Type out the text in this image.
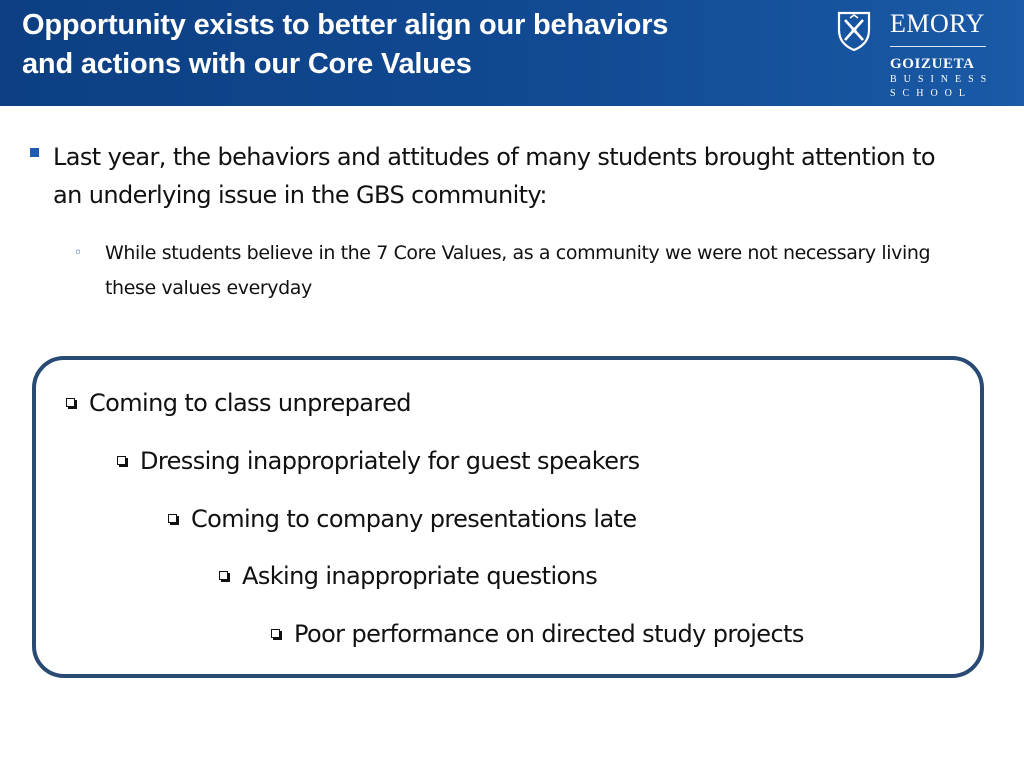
Opportunity exists to better align our behaviors
and actions with our Core Values
EMORY
GOIZUETA
BUSINESS
SCHOOL
Last year, the behaviors and attitudes of many students brought attention to an underlying issue in the GBS community:
◦ While students believe in the 7 Core Values, as a community we were not necessary living these values everyday
Coming to class unprepared
Dressing inappropriately for guest speakers
Coming to company presentations late
Asking inappropriate questions
Poor performance on directed study projects
